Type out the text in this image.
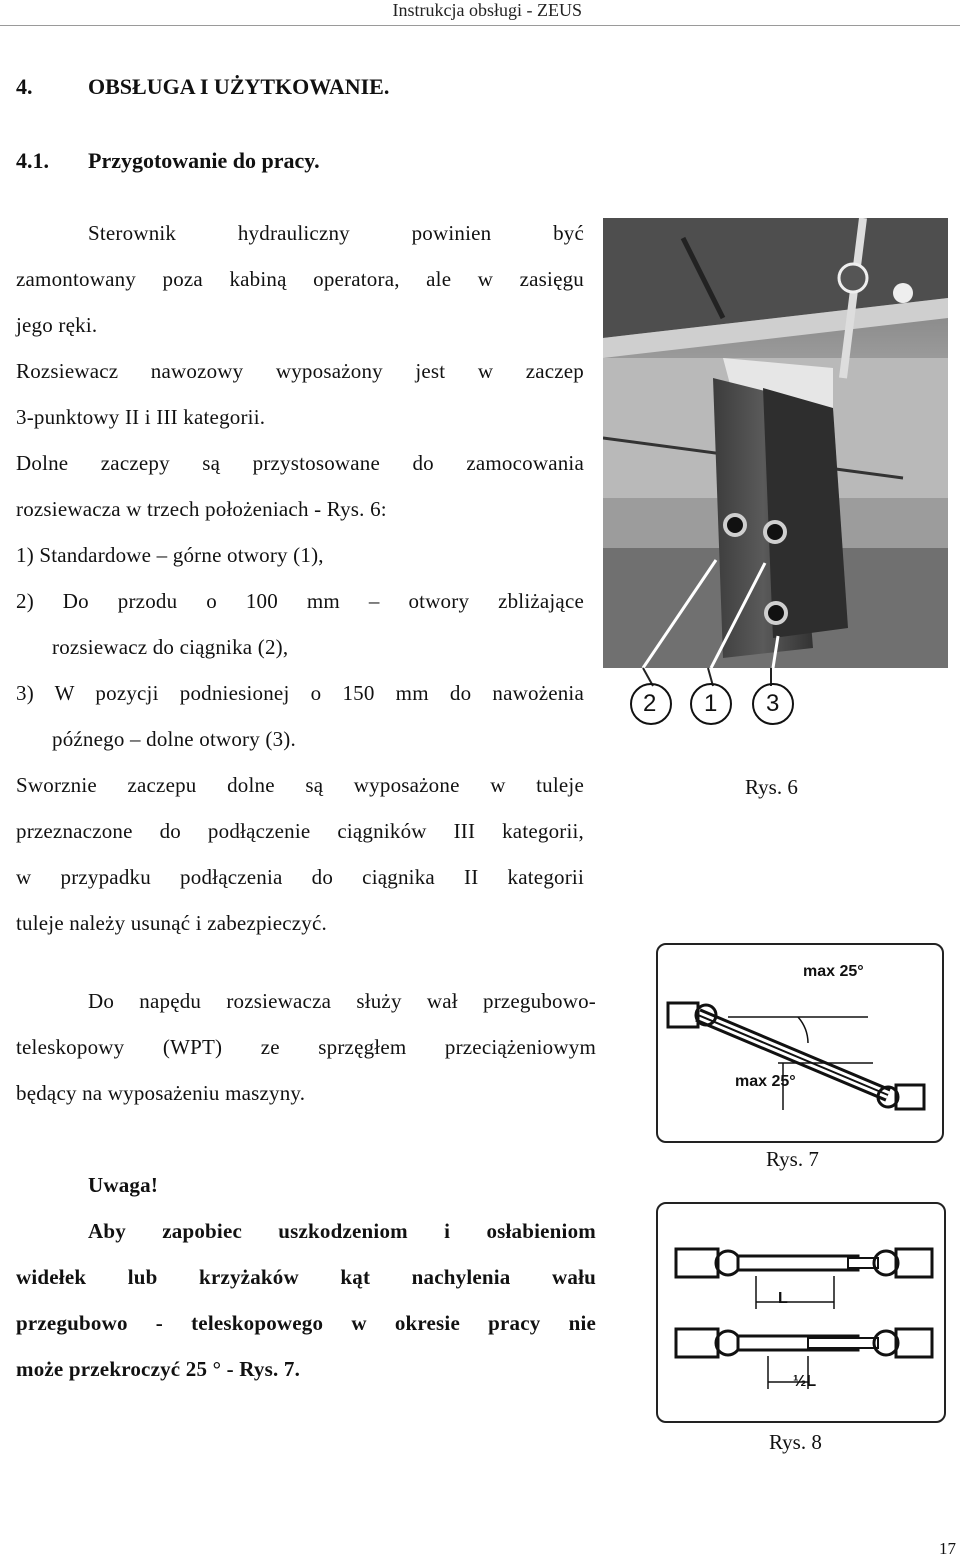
Instrukcja obsługi - ZEUS
4.	OBSŁUGA I UŻYTKOWANIE.
4.1. Przygotowanie do pracy.
Sterownik hydrauliczny powinien być
zamontowany poza kabiną operatora, ale w zasięgu
jego ręki.
Rozsiewacz nawozowy wyposażony jest w zaczep
3-punktowy II i III kategorii.
Dolne zaczepy są przystosowane do zamocowania
rozsiewacza w trzech położeniach - Rys. 6:
1) Standardowe – górne otwory (1),
2) Do przodu o 100 mm – otwory zbliżające
rozsiewacz do ciągnika (2),
3) W pozycji podniesionej o 150 mm do nawożenia
późnego – dolne otwory (3).
Sworznie zaczepu dolne są wyposażone w tuleje
przeznaczone do podłączenie ciągników III kategorii,
w przypadku podłączenia do ciągnika II kategorii
tuleje należy usunąć i zabezpieczyć.
Do napędu rozsiewacza służy wał przegubowo-
teleskopowy (WPT) ze sprzęgłem przeciążeniowym
będący na wyposażeniu maszyny.
Uwaga!
Aby zapobiec uszkodzeniom i osłabieniom
widełek lub krzyżaków kąt nachylenia wału
przegubowo - teleskopowego w okresie pracy nie
może przekroczyć 25 ° - Rys. 7.
2 1 3
Rys. 6
max 25°
max 25°
Rys. 7
L
½L
Rys. 8
17
